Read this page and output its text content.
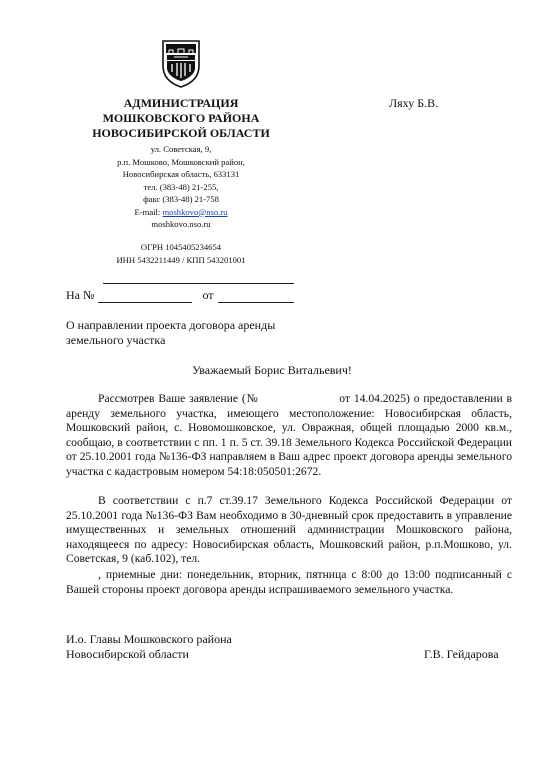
АДМИНИСТРАЦИЯ
МОШКОВСКОГО РАЙОНА
НОВОСИБИРСКОЙ ОБЛАСТИ
Ляху Б.В.
ул. Советская, 9,
р.п. Мошково, Мошковский район,
Новосибирская область, 633131
тел. (383-48) 21-255,
факс (383-48) 21-758
E-mail: moshkovo@nso.ru
moshkovo.nso.ru
ОГРН 1045405234654
ИНН 5432211449 / КПП 543201001
На №	от
О направлении проекта договора аренды
земельного участка
Уважаемый Борис Витальевич!

Рассмотрев Ваше заявление (№                     от 14.04.2025) о предоставлении в аренду земельного участка, имеющего местоположение: Новосибирская область, Мошковский район, с. Новомошковское, ул. Овражная, общей площадью 2000 кв.м., сообщаю, в соответствии с пп. 1 п. 5 ст. 39.18 Земельного Кодекса Российской Федерации от 25.10.2001 года №136-ФЗ направляем в Ваш адрес проект договора аренды земельного участка с кадастровым номером 54:18:050501:2672.

В соответствии с п.7 ст.39.17 Земельного Кодекса Российской Федерации от 25.10.2001 года №136-ФЗ Вам необходимо в 30-дневный срок предоставить в управление имущественных и земельных отношений администрации Мошковского района, находящееся по адресу: Новосибирская область, Мошковский район, р.п.Мошково, ул. Советская, 9 (каб.102), тел.

, приемные дни: понедельник, вторник, пятница с 8:00 до 13:00 подписанный с Вашей стороны проект договора аренды испрашиваемого земельного участка.

И.о. Главы Мошковского района
Новосибирской области	Г.В. Гейдарова
